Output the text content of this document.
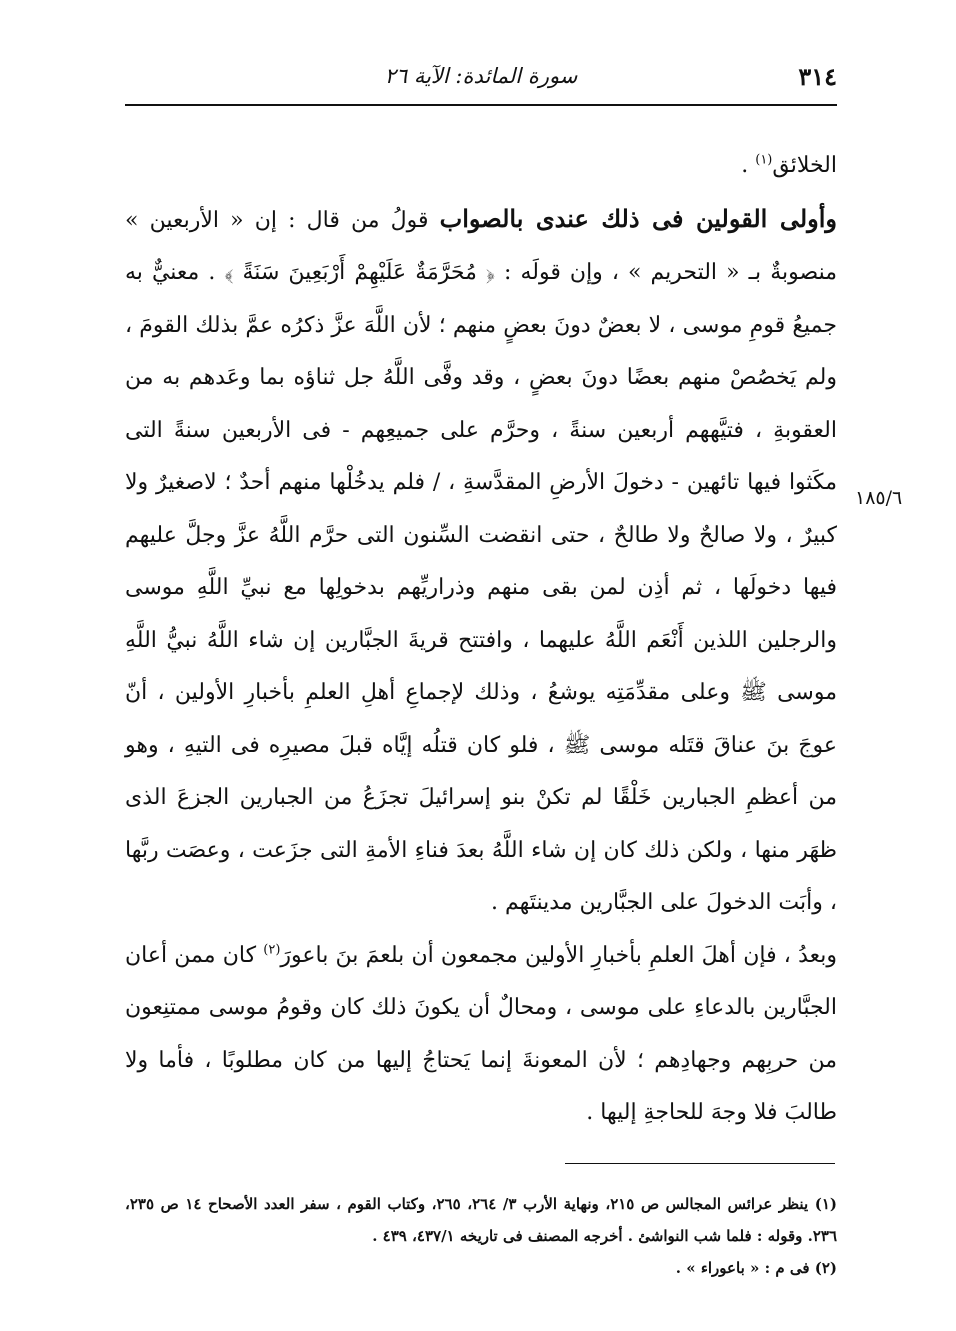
٣١٤
سورة المائدة: الآية ٢٦
١٨٥/٦

الخلائق$^{(١)}$ .

وأولى القولين فى ذلك عندى بالصواب قولُ من قال : إن « الأربعين » منصوبةٌ بـ « التحريم » ، وإن قولَه : ﴿ مُحَرَّمَةٌ عَلَيْهِمْ أَرْبَعِينَ سَنَةً ﴾ . معنيٌّ به جميعُ قومِ موسى ، لا بعضٌ دونَ بعضٍ منهم ؛ لأن اللَّهَ عزَّ ذكرُه عمَّ بذلك القومَ ، ولم يَخصُصْ منهم بعضًا دونَ بعضٍ ، وقد وفَّى اللَّهُ جل ثناؤه بما وعَدهم به من العقوبةِ ، فتيَّههم أربعين سنةً ، وحرَّم على جميعِهم - فى الأربعين سنةً التى مكَثوا فيها تائهين - دخولَ الأرضِ المقدَّسةِ ، / فلم يدخُلْها منهم أحدٌ ؛ لاصغيرٌ ولا كبيرٌ ، ولا صالحٌ ولا طالحٌ ، حتى انقضت السِّنون التى حرَّم اللَّهُ عزَّ وجلَّ عليهم فيها دخولَها ، ثم أذِن لمن بقى منهم وذراريِّهم بدخولِها مع نبيِّ اللَّهِ موسى والرجلين اللذين أَنْعَم اللَّهُ عليهما ، وافتتح قريةَ الجبَّارين إن شاء اللَّهُ نبيُّ اللَّهِ موسى ﷺ وعلى مقدِّمَتِه يوشعُ ، وذلك لإجماعِ أهلِ العلمِ بأخبارِ الأولين ، أنّ عوجَ بنَ عناقَ قتَله موسى ﷺ ، فلو كان قتلُه إيَّاه قبلَ مصيرِه فى التيهِ ، وهو من أعظمِ الجبارين خَلْقًا لم تكنْ بنو إسرائيلَ تجزَعُ من الجبارين الجزعَ الذى ظهَر منها ، ولكن ذلك كان إن شاء اللَّهُ بعدَ فناءِ الأمةِ التى جزَعت ، وعصَت ربَّها ، وأبَت الدخولَ على الجبَّارين مدينتَهم .

وبعدُ ، فإن أهلَ العلمِ بأخبارِ الأولين مجمعون أن بلعمَ بنَ باعورَ$^{(٢)}$ كان ممن أعان الجبَّارين بالدعاءِ على موسى ، ومحالٌ أن يكونَ ذلك كان وقومُ موسى ممتنِعون من حربِهم وجهادِهم ؛ لأن المعونةَ إنما يَحتاجُ إليها من كان مطلوبًا ، فأما ولا طالبَ فلا وجهَ للحاجةِ إليها .

(١) ينظر عرائس المجالس ص ٢١٥، ونهاية الأرب ٣/ ٢٦٤، ٢٦٥، وكتاب القوم ، سفر العدد الأصحاح ١٤ ص ٢٣٥، ٢٣٦. وقوله : فلما شب النواشئ . أخرجه المصنف فى تاريخه ٤٣٧/١، ٤٣٩ .

(٢) فى م : « باعوراء » .
